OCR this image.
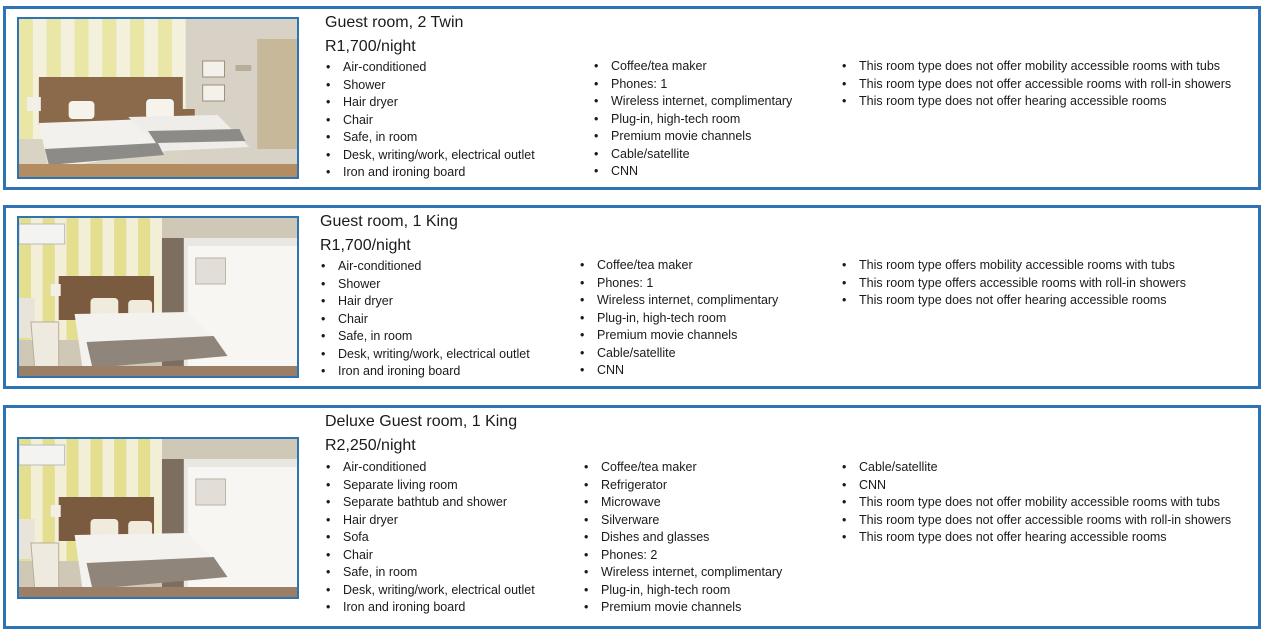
Guest room, 2 Twin
R1,700/night
• Air-conditioned
• Shower
• Hair dryer
• Chair
• Safe, in room
• Desk, writing/work, electrical outlet
• Iron and ironing board
• Coffee/tea maker
• Phones: 1
• Wireless internet, complimentary
• Plug-in, high-tech room
• Premium movie channels
• Cable/satellite
• CNN
• This room type does not offer mobility accessible rooms with tubs
• This room type does not offer accessible rooms with roll-in showers
• This room type does not offer hearing accessible rooms
Guest room, 1 King
R1,700/night
• Air-conditioned
• Shower
• Hair dryer
• Chair
• Safe, in room
• Desk, writing/work, electrical outlet
• Iron and ironing board
• Coffee/tea maker
• Phones: 1
• Wireless internet, complimentary
• Plug-in, high-tech room
• Premium movie channels
• Cable/satellite
• CNN
• This room type offers mobility accessible rooms with tubs
• This room type offers accessible rooms with roll-in showers
• This room type does not offer hearing accessible rooms
Deluxe Guest room, 1 King
R2,250/night
• Air-conditioned
• Separate living room
• Separate bathtub and shower
• Hair dryer
• Sofa
• Chair
• Safe, in room
• Desk, writing/work, electrical outlet
• Iron and ironing board
• Coffee/tea maker
• Refrigerator
• Microwave
• Silverware
• Dishes and glasses
• Phones: 2
• Wireless internet, complimentary
• Plug-in, high-tech room
• Premium movie channels
• Cable/satellite
• CNN
• This room type does not offer mobility accessible rooms with tubs
• This room type does not offer accessible rooms with roll-in showers
• This room type does not offer hearing accessible rooms
